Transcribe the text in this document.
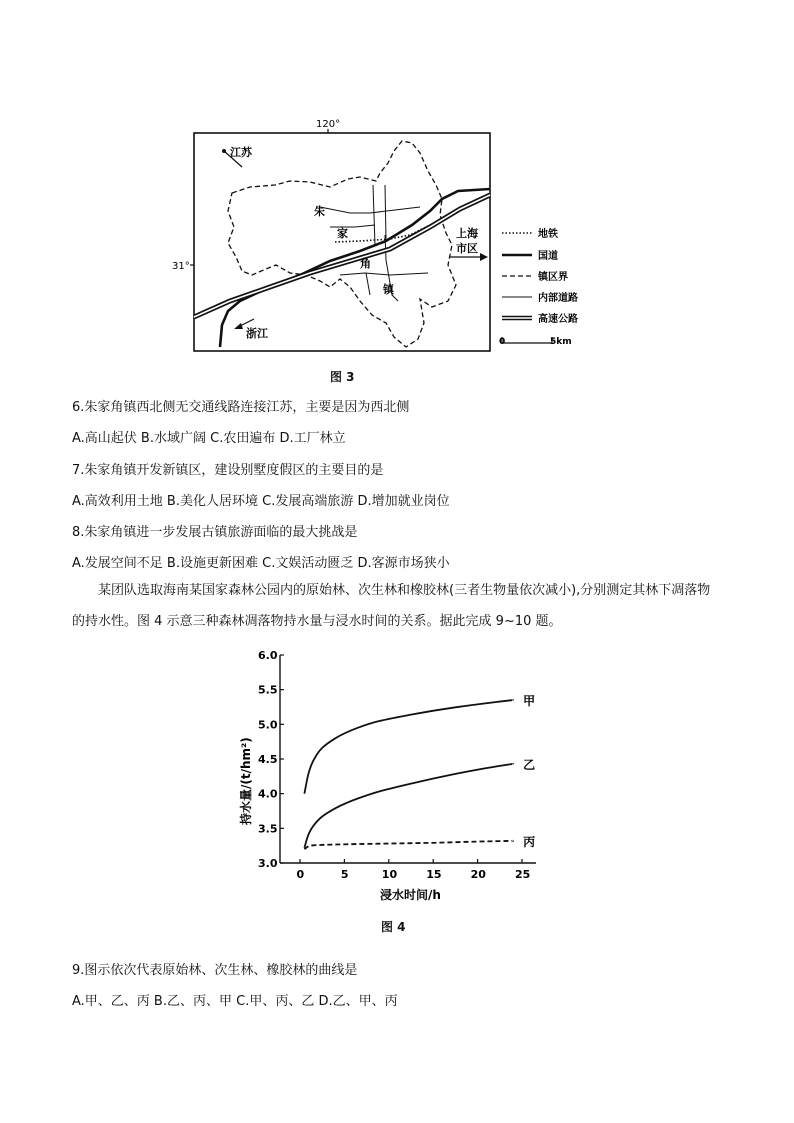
120°
31°
江苏
朱
家
角
镇
上海
市区
浙江
地铁
国道
镇区界
内部道路
高速公路
0	5km
图 3
6.朱家角镇西北侧无交通线路连接江苏，主要是因为西北侧
A.高山起伏 B.水域广阔 C.农田遍布 D.工厂林立
7.朱家角镇开发新镇区，建设别墅度假区的主要目的是
A.高效利用土地 B.美化人居环境 C.发展高端旅游 D.增加就业岗位
8.朱家角镇进一步发展古镇旅游面临的最大挑战是
A.发展空间不足 B.设施更新困难 C.文娱活动匮乏 D.客源市场狭小
某团队选取海南某国家森林公园内的原始林、次生林和橡胶林(三者生物量依次减小),分别测定其林下凋落物的持水性。图 4 示意三种森林凋落物持水量与浸水时间的关系。据此完成 9~10 题。
3.0
3.5
4.0
4.5
5.0
5.5
6.0
0	5	10	15	20	25
甲
乙
丙
浸水时间/h
持水量/(t/hm²)
图 4
9.图示依次代表原始林、次生林、橡胶林的曲线是
A.甲、乙、丙 B.乙、丙、甲 C.甲、丙、乙 D.乙、甲、丙
